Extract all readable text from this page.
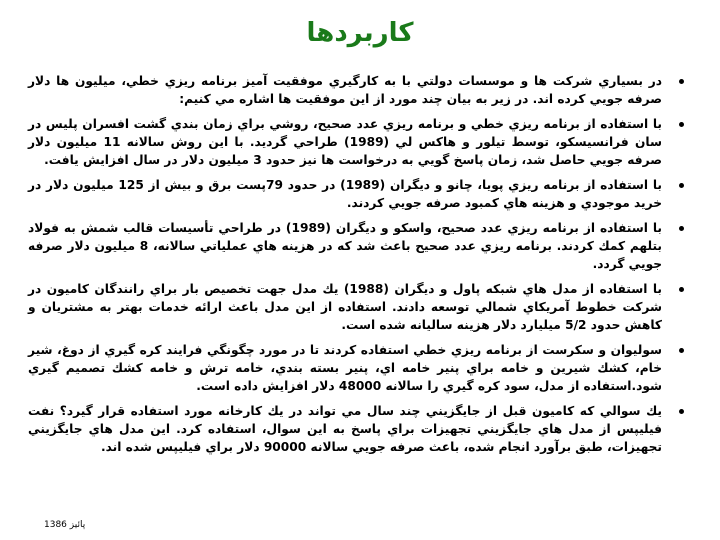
کاربردها
در بسياري شركت ها و موسسات دولتي با به كارگيري موفقيت آميز برنامه ريزي خطي، ميليون ها دلار صرفه جويي كرده اند. در زير به بيان چند مورد از اين موفقيت ها اشاره مي كنيم:
با استفاده از برنامه ريزي خطي و برنامه ريزي عدد صحيح، روشي براي زمان بندي گشت افسران پليس در سان فرانسيسكو، توسط تيلور و هاكس لي (1989) طراحي گرديد. با اين روش سالانه 11 ميليون دلار صرفه جويي حاصل شد، زمان پاسخ گويي به درخواست ها نيز حدود 3 ميليون دلار در سال افزايش يافت.
با استفاده از برنامه ريزي پويا، چانو و ديگران (1989) در حدود 79پست برق و بيش از 125 ميليون دلار در خريد موجودي و هزينه هاي كمبود صرفه جويي كردند.
با استفاده از برنامه ريزي عدد صحيح، واسكو و ديگران (1989) در طراحي تأسيسات قالب شمش به فولاد بتلهم كمك كردند. برنامه ريزي عدد صحيح باعث شد كه در هزينه هاي عملياتي سالانه، 8 ميليون دلار صرفه جويي گردد.
با استفاده از مدل هاي شبكه پاول و ديگران (1988) يك مدل جهت تخصيص بار براي رانندگان كاميون در شركت خطوط آمريكاي شمالي توسعه دادند. استفاده از اين مدل باعث ارائه خدمات بهتر به مشتريان و كاهش حدود 5/2 ميليارد دلار هزينه سالیانه شده است.
سوليوان و سكرست از برنامه ريزي خطي استفاده كردند تا در مورد چگونگي فرايند كره گيري از دوغ، شير خام، كشك شيرين و خامه براي پنير خامه اي، پنير بسته بندي، خامه ترش و خامه كشك تصميم گيري شود.استفاده از مدل، سود كره گيري را سالانه 48000 دلار افزايش داده است.
يك سوالي كه كاميون قبل از جايگزيني چند سال مي تواند در يك كارخانه مورد استفاده قرار گيرد؟ نفت فيليپس از مدل هاي جايگزيني تجهيزات براي پاسخ به اين سوال، استفاده كرد. اين مدل هاي جايگزيني تجهيزات، طبق برآورد انجام شده، باعث صرفه جويي سالانه 90000 دلار براي فيليپس شده اند.
پائیز 1386
